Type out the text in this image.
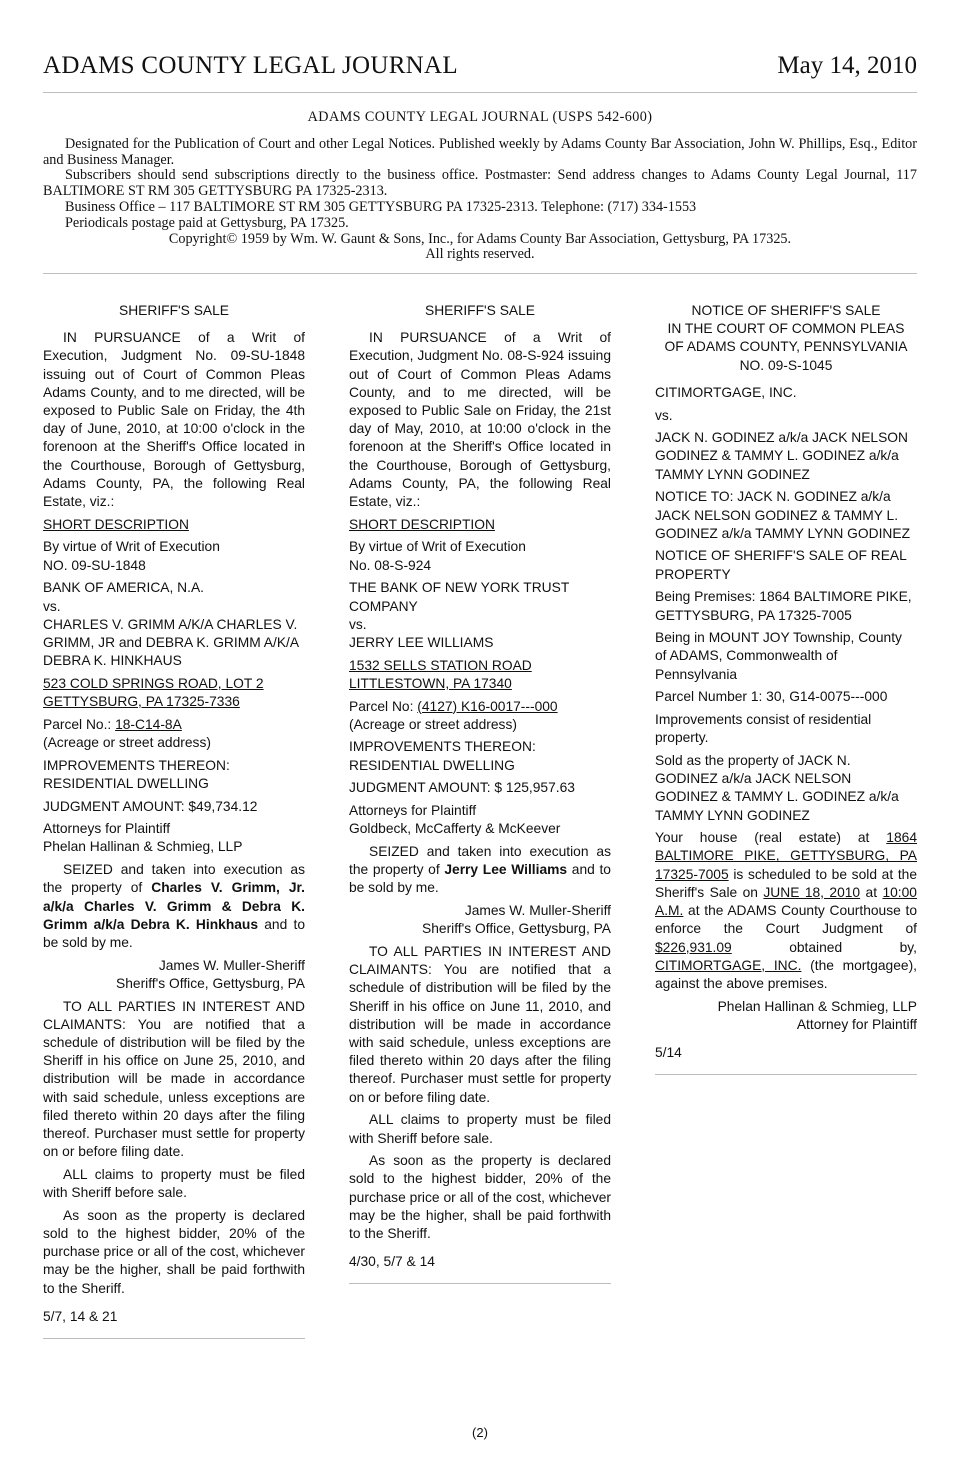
ADAMS COUNTY LEGAL JOURNAL	May 14, 2010
ADAMS COUNTY LEGAL JOURNAL (USPS 542-600)
Designated for the Publication of Court and other Legal Notices. Published weekly by Adams County Bar Association, John W. Phillips, Esq., Editor and Business Manager.
Subscribers should send subscriptions directly to the business office. Postmaster: Send address changes to Adams County Legal Journal, 117 BALTIMORE ST RM 305 GETTYSBURG PA 17325-2313.
Business Office – 117 BALTIMORE ST RM 305 GETTYSBURG PA 17325-2313. Telephone: (717) 334-1553
Periodicals postage paid at Gettysburg, PA 17325.
Copyright© 1959 by Wm. W. Gaunt & Sons, Inc., for Adams County Bar Association, Gettysburg, PA 17325.
All rights reserved.

SHERIFF'S SALE

IN PURSUANCE of a Writ of Execution, Judgment No. 09-SU-1848 issuing out of Court of Common Pleas Adams County, and to me directed, will be exposed to Public Sale on Friday, the 4th day of June, 2010, at 10:00 o'clock in the forenoon at the Sheriff's Office located in the Courthouse, Borough of Gettysburg, Adams County, PA, the following Real Estate, viz.:

SHORT DESCRIPTION

By virtue of Writ of Execution
NO. 09-SU-1848

BANK OF AMERICA, N.A.
vs.
CHARLES V. GRIMM A/K/A CHARLES V. GRIMM, JR and DEBRA K. GRIMM A/K/A DEBRA K. HINKHAUS

523 COLD SPRINGS ROAD, LOT 2
GETTYSBURG, PA 17325-7336

Parcel No.: 18-C14-8A
(Acreage or street address)

IMPROVEMENTS THEREON:
RESIDENTIAL DWELLING

JUDGMENT AMOUNT: $49,734.12

Attorneys for Plaintiff
Phelan Hallinan & Schmieg, LLP

SEIZED and taken into execution as the property of Charles V. Grimm, Jr. a/k/a Charles V. Grimm & Debra K. Grimm a/k/a Debra K. Hinkhaus and to be sold by me.

James W. Muller-Sheriff
Sheriff's Office, Gettysburg, PA

TO ALL PARTIES IN INTEREST AND CLAIMANTS: You are notified that a schedule of distribution will be filed by the Sheriff in his office on June 25, 2010, and distribution will be made in accordance with said schedule, unless exceptions are filed thereto within 20 days after the filing thereof. Purchaser must settle for property on or before filing date.

ALL claims to property must be filed with Sheriff before sale.

As soon as the property is declared sold to the highest bidder, 20% of the purchase price or all of the cost, whichever may be the higher, shall be paid forthwith to the Sheriff.

5/7, 14 & 21

SHERIFF'S SALE

IN PURSUANCE of a Writ of Execution, Judgment No. 08-S-924 issuing out of Court of Common Pleas Adams County, and to me directed, will be exposed to Public Sale on Friday, the 21st day of May, 2010, at 10:00 o'clock in the forenoon at the Sheriff's Office located in the Courthouse, Borough of Gettysburg, Adams County, PA, the following Real Estate, viz.:

SHORT DESCRIPTION

By virtue of Writ of Execution
No. 08-S-924

THE BANK OF NEW YORK TRUST COMPANY
vs.
JERRY LEE WILLIAMS

1532 SELLS STATION ROAD
LITTLESTOWN, PA 17340

Parcel No: (4127) K16-0017---000
(Acreage or street address)

IMPROVEMENTS THEREON:
RESIDENTIAL DWELLING

JUDGMENT AMOUNT: $ 125,957.63

Attorneys for Plaintiff
Goldbeck, McCafferty & McKeever

SEIZED and taken into execution as the property of Jerry Lee Williams and to be sold by me.

James W. Muller-Sheriff
Sheriff's Office, Gettysburg, PA

TO ALL PARTIES IN INTEREST AND CLAIMANTS: You are notified that a schedule of distribution will be filed by the Sheriff in his office on June 11, 2010, and distribution will be made in accordance with said schedule, unless exceptions are filed thereto within 20 days after the filing thereof. Purchaser must settle for property on or before filing date.

ALL claims to property must be filed with Sheriff before sale.

As soon as the property is declared sold to the highest bidder, 20% of the purchase price or all of the cost, whichever may be the higher, shall be paid forthwith to the Sheriff.

4/30, 5/7 & 14

NOTICE OF SHERIFF'S SALE
IN THE COURT OF COMMON PLEAS
OF ADAMS COUNTY, PENNSYLVANIA
NO. 09-S-1045

CITIMORTGAGE, INC.

vs.

JACK N. GODINEZ a/k/a JACK NELSON GODINEZ & TAMMY L. GODINEZ a/k/a TAMMY LYNN GODINEZ

NOTICE TO: JACK N. GODINEZ a/k/a JACK NELSON GODINEZ & TAMMY L. GODINEZ a/k/a TAMMY LYNN GODINEZ

NOTICE OF SHERIFF'S SALE OF REAL PROPERTY

Being Premises: 1864 BALTIMORE PIKE, GETTYSBURG, PA 17325-7005

Being in MOUNT JOY Township, County of ADAMS, Commonwealth of Pennsylvania

Parcel Number 1: 30, G14-0075---000

Improvements consist of residential property.

Sold as the property of JACK N. GODINEZ a/k/a JACK NELSON GODINEZ & TAMMY L. GODINEZ a/k/a TAMMY LYNN GODINEZ

Your house (real estate) at 1864 BALTIMORE PIKE, GETTYSBURG, PA 17325-7005 is scheduled to be sold at the Sheriff's Sale on JUNE 18, 2010 at 10:00 A.M. at the ADAMS County Courthouse to enforce the Court Judgment of $226,931.09 obtained by, CITIMORTGAGE, INC. (the mortgagee), against the above premises.

Phelan Hallinan & Schmieg, LLP
Attorney for Plaintiff

5/14

(2)
